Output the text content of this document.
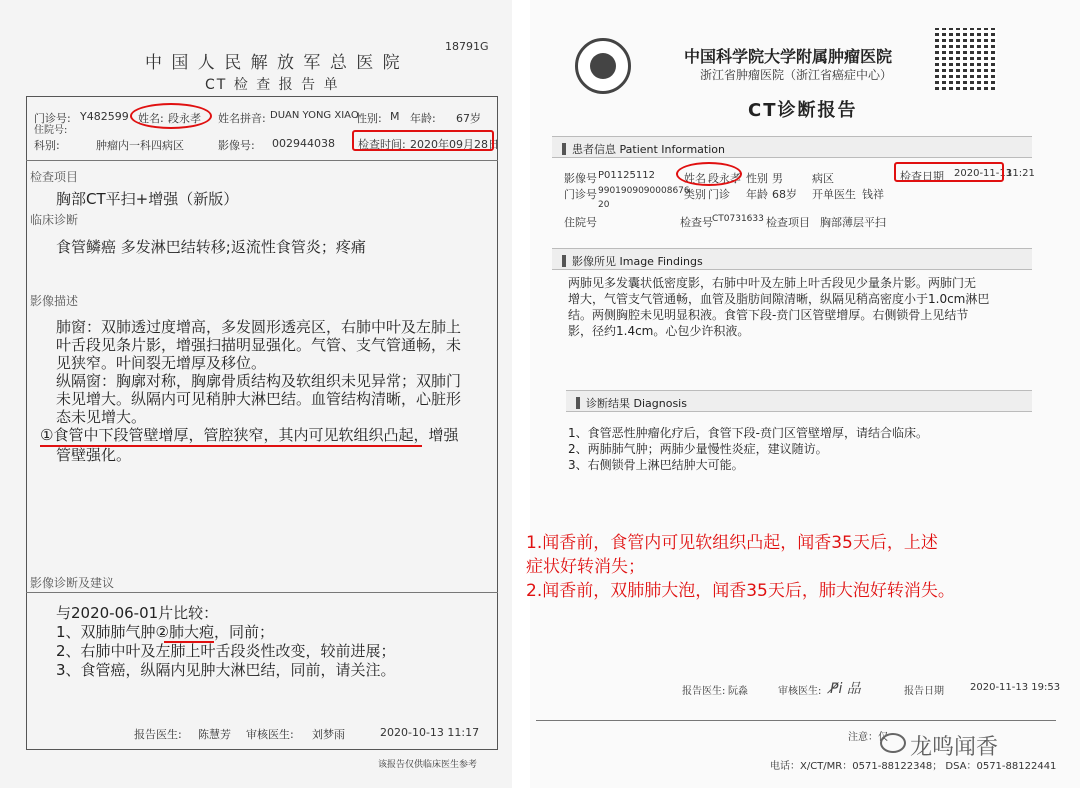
中 国 人 民 解 放 军 总 医 院
18791G
CT 检 查 报 告 单
门诊号: Y482599 姓名: 段永孝 姓名拼音: DUAN YONG XIAO
性别: M 年龄: 67岁
住院号:
科别:	肿瘤内一科四病区	影像号: 002944038 检查时间: 2020年09月28日
检查项目
胸部CT平扫+增强（新版）
临床诊断
食管鳞癌 多发淋巴结转移;返流性食管炎；疼痛
影像描述
肺窗：双肺透过度增高，多发圆形透亮区，右肺中叶及左肺上
叶舌段见条片影，增强扫描明显强化。气管、支气管通畅，未
见狭窄。叶间裂无增厚及移位。
纵隔窗：胸廓对称，胸廓骨质结构及软组织未见异常；双肺门
未见增大。纵隔内可见稍肿大淋巴结。血管结构清晰，心脏形
态未见增大。
①食管中下段管壁增厚，管腔狭窄，其内可见软组织凸起，增强
管壁强化。
影像诊断及建议
与2020-06-01片比较：
1、双肺肺气肿②肺大疱，同前；
2、右肺中叶及左肺上叶舌段炎性改变，较前进展；
3、食管癌，纵隔内见肿大淋巴结，同前，请关注。
报告医生: 陈慧芳 审核医生: 刘梦雨	2020-10-13 11:17
该报告仅供临床医生参考
中国科学院大学附属肿瘤医院
浙江省肿瘤医院（浙江省癌症中心）
CT诊断报告
患者信息 Patient Information
影像号 P01125112	姓名 段永孝 性别 男	病区	检查日期 2020-11-13
11:21
门诊号 9901909090008676
20
类别 门诊 年龄 68岁 开单医生 钱祥
住院号	检查号 CT0731633 检查项目 胸部薄层平扫
影像所见 Image Findings
两肺见多发囊状低密度影，右肺中叶及左肺上叶舌段见少量条片影。两肺门无
增大，气管支气管通畅，血管及脂肪间隙清晰，纵隔见稍高密度小于1.0cm淋巴
结。两侧胸腔未见明显积液。食管下段-贲门区管壁增厚。右侧锁骨上见结节
影，径约1.4cm。心包少许积液。
诊断结果 Diagnosis
1、食管恶性肿瘤化疗后，食管下段-贲门区管壁增厚，请结合临床。
2、两肺肺气肿；两肺少量慢性炎症，建议随访。
3、右侧锁骨上淋巴结肿大可能。
1.闻香前，食管内可见软组织凸起，闻香35天后，上述
症状好转消失；
2.闻香前，双肺肺大泡，闻香35天后，肺大泡好转消失。
报告医生: 阮淼	审核医生: P̸i 品	报告日期	2020-11-13 19:53
注意：仅
电话：X/CT/MR：0571-88122348； DSA：0571-88122441
龙鸣闻香
